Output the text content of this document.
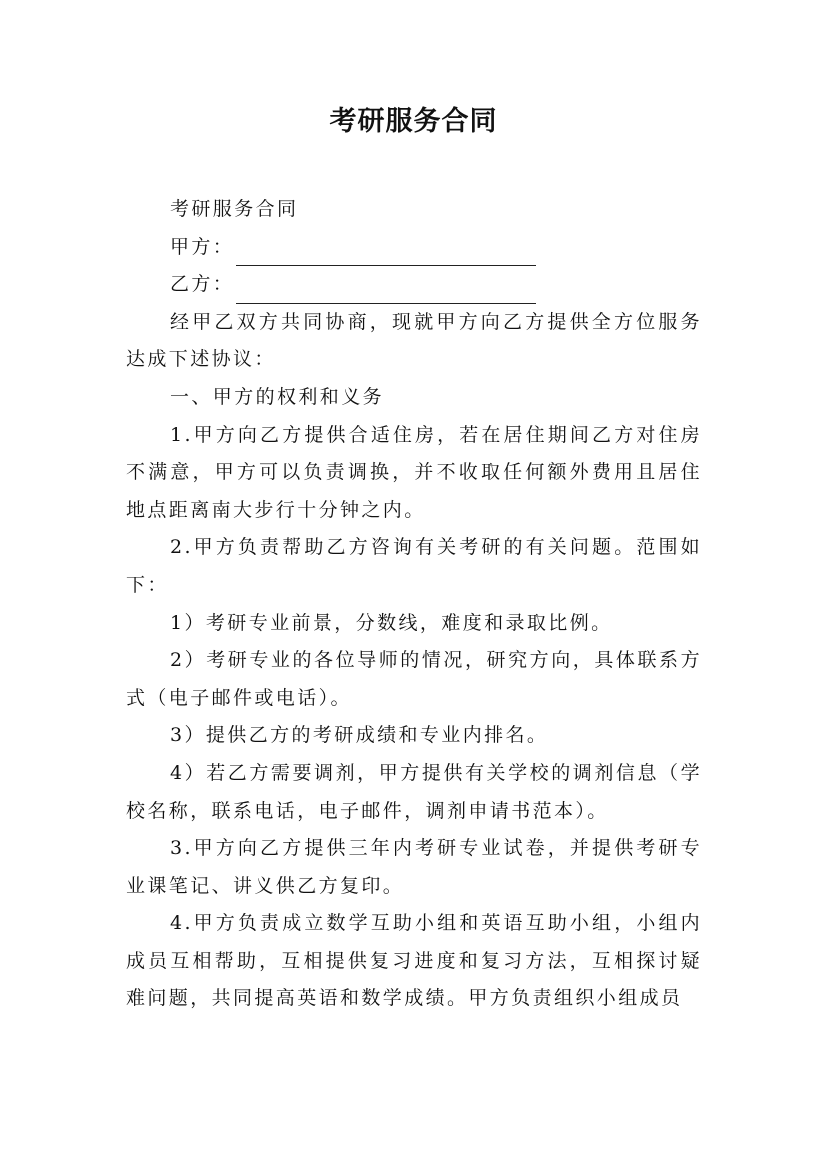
考研服务合同

考研服务合同

甲方：

乙方：

经甲乙双方共同协商，现就甲方向乙方提供全方位服务达成下述协议：

一、甲方的权利和义务

1.甲方向乙方提供合适住房，若在居住期间乙方对住房不满意，甲方可以负责调换，并不收取任何额外费用且居住地点距离南大步行十分钟之内。

2.甲方负责帮助乙方咨询有关考研的有关问题。范围如下：

1）考研专业前景，分数线，难度和录取比例。

2）考研专业的各位导师的情况，研究方向，具体联系方式（电子邮件或电话）。

3）提供乙方的考研成绩和专业内排名。

4）若乙方需要调剂，甲方提供有关学校的调剂信息（学校名称，联系电话，电子邮件，调剂申请书范本）。

3.甲方向乙方提供三年内考研专业试卷，并提供考研专业课笔记、讲义供乙方复印。

4.甲方负责成立数学互助小组和英语互助小组，小组内成员互相帮助，互相提供复习进度和复习方法，互相探讨疑难问题，共同提高英语和数学成绩。甲方负责组织小组成员
